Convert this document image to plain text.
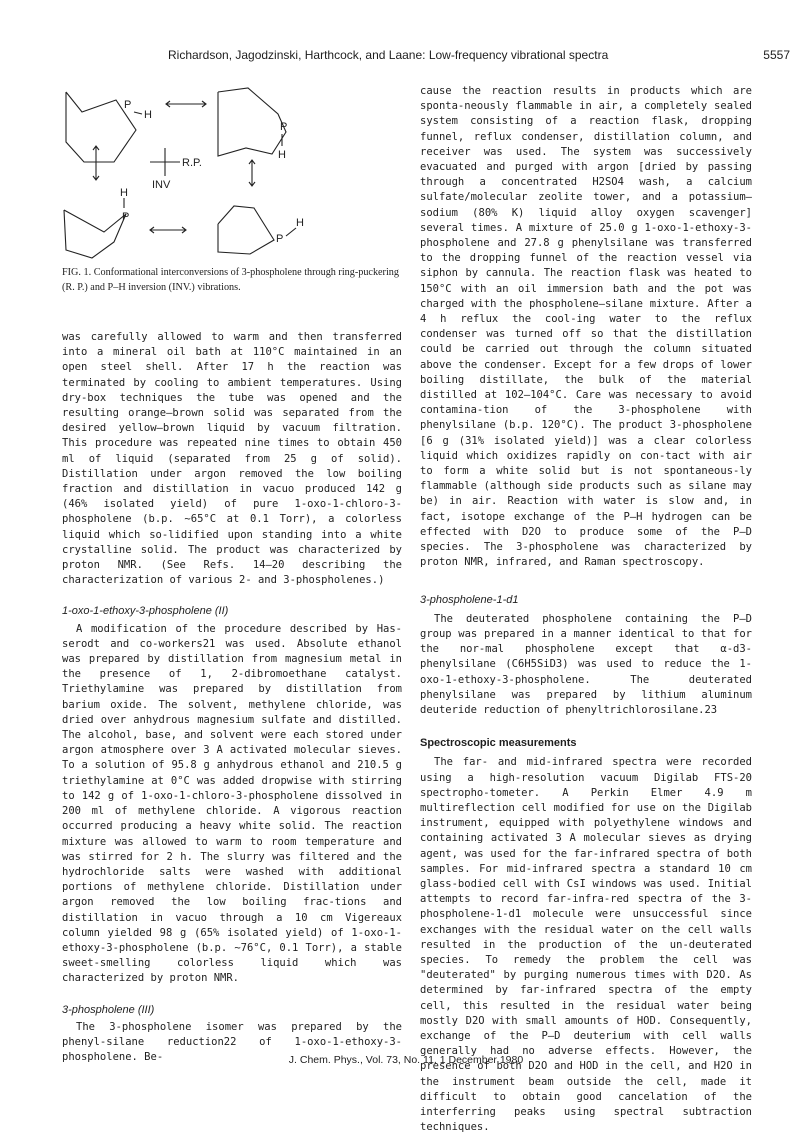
Richardson, Jagodzinski, Harthcock, and Laane: Low-frequency vibrational spectra	5557
P
H
P
H
R.P.
INV
H
P
P
H
FIG. 1. Conformational interconversions of 3-phospholene through ring-puckering (R. P.) and P–H inversion (INV.) vibrations.

was carefully allowed to warm and then transferred into a mineral oil bath at 110°C maintained in an open steel shell. After 17 h the reaction was terminated by cooling to ambient temperatures. Using dry-box techniques the tube was opened and the resulting orange–brown solid was separated from the desired yellow–brown liquid by vacuum filtration. This procedure was repeated nine times to obtain 450 ml of liquid (separated from 25 g of solid). Distillation under argon removed the low boiling fraction and distillation in vacuo produced 142 g (46% isolated yield) of pure 1-oxo-1-chloro-3-phospholene (b.p. ~65°C at 0.1 Torr), a colorless liquid which so-lidified upon standing into a white crystalline solid. The product was characterized by proton NMR. (See Refs. 14–20 describing the characterization of various 2- and 3-phospholenes.)

1-oxo-1-ethoxy-3-phospholene (II)

A modification of the procedure described by Has-serodt and co-workers21 was used. Absolute ethanol was prepared by distillation from magnesium metal in the presence of 1, 2-dibromoethane catalyst. Triethylamine was prepared by distillation from barium oxide. The solvent, methylene chloride, was dried over anhydrous magnesium sulfate and distilled. The alcohol, base, and solvent were each stored under argon atmosphere over 3 A activated molecular sieves. To a solution of 95.8 g anhydrous ethanol and 210.5 g triethylamine at 0°C was added dropwise with stirring to 142 g of 1-oxo-1-chloro-3-phospholene dissolved in 200 ml of methylene chloride. A vigorous reaction occurred producing a heavy white solid. The reaction mixture was allowed to warm to room temperature and was stirred for 2 h. The slurry was filtered and the hydrochloride salts were washed with additional portions of methylene chloride. Distillation under argon removed the low boiling frac-tions and distillation in vacuo through a 10 cm Vigereaux column yielded 98 g (65% isolated yield) of 1-oxo-1-ethoxy-3-phospholene (b.p. ~76°C, 0.1 Torr), a stable sweet-smelling colorless liquid which was characterized by proton NMR.

3-phospholene (III)

The 3-phospholene isomer was prepared by the phenyl-silane reduction22 of 1-oxo-1-ethoxy-3-phospholene. Be-

cause the reaction results in products which are sponta-neously flammable in air, a completely sealed system consisting of a reaction flask, dropping funnel, reflux condenser, distillation column, and receiver was used. The system was successively evacuated and purged with argon [dried by passing through a concentrated H2SO4 wash, a calcium sulfate/molecular zeolite tower, and a potassium–sodium (80% K) liquid alloy oxygen scavenger] several times. A mixture of 25.0 g 1-oxo-1-ethoxy-3-phospholene and 27.8 g phenylsilane was transferred to the dropping funnel of the reaction vessel via siphon by cannula. The reaction flask was heated to 150°C with an oil immersion bath and the pot was charged with the phospholene–silane mixture. After a 4 h reflux the cool-ing water to the reflux condenser was turned off so that the distillation could be carried out through the column situated above the condenser. Except for a few drops of lower boiling distillate, the bulk of the material distilled at 102–104°C. Care was necessary to avoid contamina-tion of the 3-phospholene with phenylsilane (b.p. 120°C). The product 3-phospholene [6 g (31% isolated yield)] was a clear colorless liquid which oxidizes rapidly on con-tact with air to form a white solid but is not spontaneous-ly flammable (although side products such as silane may be) in air. Reaction with water is slow and, in fact, isotope exchange of the P–H hydrogen can be effected with D2O to produce some of the P–D species. The 3-phospholene was characterized by proton NMR, infrared, and Raman spectroscopy.

3-phospholene-1-d1

The deuterated phospholene containing the P–D group was prepared in a manner identical to that for the nor-mal phospholene except that α-d3-phenylsilane (C6H5SiD3) was used to reduce the 1-oxo-1-ethoxy-3-phospholene. The deuterated phenylsilane was prepared by lithium aluminum deuteride reduction of phenyltrichlorosilane.23

Spectroscopic measurements

The far- and mid-infrared spectra were recorded using a high-resolution vacuum Digilab FTS-20 spectropho-tometer. A Perkin Elmer 4.9 m multireflection cell modified for use on the Digilab instrument, equipped with polyethylene windows and containing activated 3 A molecular sieves as drying agent, was used for the far-infrared spectra of both samples. For mid-infrared spectra a standard 10 cm glass-bodied cell with CsI windows was used. Initial attempts to record far-infra-red spectra of the 3-phospholene-1-d1 molecule were unsuccessful since exchanges with the residual water on the cell walls resulted in the production of the un-deuterated species. To remedy the problem the cell was "deuterated" by purging numerous times with D2O. As determined by far-infrared spectra of the empty cell, this resulted in the residual water being mostly D2O with small amounts of HOD. Consequently, exchange of the P–D deuterium with cell walls generally had no adverse effects. However, the presence of both D2O and HOD in the cell, and H2O in the instrument beam outside the cell, made it difficult to obtain good cancelation of the interferring peaks using spectral subtraction techniques.

J. Chem. Phys., Vol. 73, No. 11, 1 December 1980
